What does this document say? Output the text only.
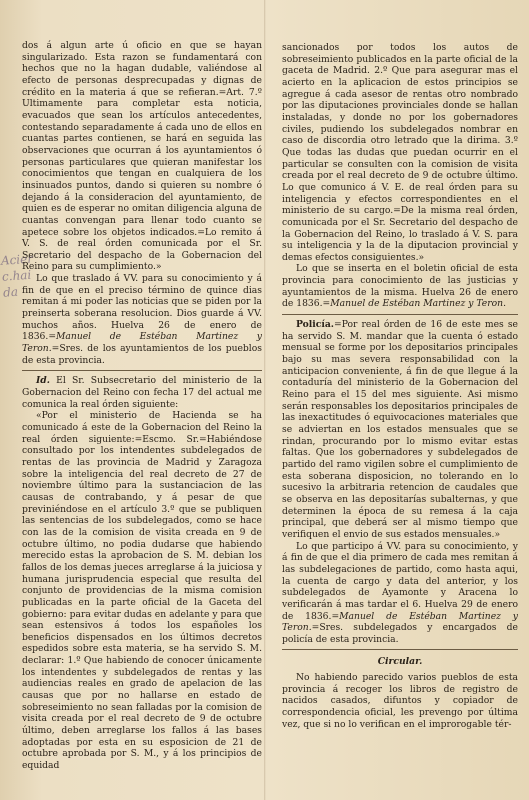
Acier c.hai da

dos á algun arte ú oficio en que se hayan singularizado. Esta razon se fundamentará con hechos que no la hagan dudable, valiéndose al efecto de personas desprecupadas y dignas de crédito en la materia á que se refieran.=Art. 7.º Ultimamente para completar esta noticia, evacuados que sean los artículos antecedentes, contestando separadamente á cada uno de ellos en cuantas partes contienen, se hará en seguida las observaciones que ocurran á los ayuntamientos ó personas particulares que quieran manifestar los conocimientos que tengan en cualquiera de los insinuados puntos, dando si quieren su nombre ó dejando á la consideracion del ayuntamiento, de quien es de esperar no omitan diligencia alguna de cuantas convengan para llenar todo cuanto se apetece sobre los objetos indicados.=Lo remito á V. S. de real órden comunicada por el Sr. Secretario del despacho de la Gobernacion del Reino para su cumplimiento.»

Lo que traslado á VV. para su conocimiento y á fin de que en el preciso término de quince dias remitan á mi poder las noticias que se piden por la preinserta soberana resolucion. Dios guarde á VV. muchos años. Huelva 26 de enero de 1836.=Manuel de Estéban Martinez y Teron.=Sres. de los ayuntamientos de los pueblos de esta provincia.

Id. El Sr. Subsecretario del ministerio de la Gobernacion del Reino con fecha 17 del actual me comunica la real órden siguiente:

«Por el ministerio de Hacienda se ha comunicado á este de la Gobernacion del Reino la real órden siguiente:=Escmo. Sr.=Habiéndose consultado por los intendentes subdelegados de rentas de las provincia de Madrid y Zaragoza sobre la inteligencia del real decreto de 27 de noviembre último para la sustanciacion de las causas de contrabando, y á pesar de que previniéndose en el artículo 3.º que se publiquen las sentencias de los subdelegados, como se hace con las de la comision de visita creada en 9 de octubre último, no podia dudarse que habiendo merecido estas la aprobacion de S. M. debian los fallos de los demas jueces arreglarse á la juiciosa y humana jurisprudencia especial que resulta del conjunto de providencias de la misma comision publicadas en la parte oficial de la Gaceta del gobierno: para evitar dudas en adelante y para que sean estensivos á todos los españoles los beneficios dispensados en los últimos decretos espedidos sobre esta materia, se ha servido S. M. declarar: 1.º Que habiendo de conocer únicamente los intendentes y subdelegados de rentas y las audiencias reales en grado de apelacion de las causas que por no hallarse en estado de sobreseimiento no sean falladas por la comision de visita creada por el real decreto de 9 de octubre último, deben arreglarse los fallos á las bases adoptadas por esta en su esposicion de 21 de octubre aprobada por S. M., y á los principios de equidad

sancionados por todos los autos de sobreseimiento publicados en la parte oficial de la gaceta de Madrid. 2.º Que para asegurar mas el acierto en la aplicacion de estos principios se agregue á cada asesor de rentas otro nombrado por las diputaciones provinciales donde se hallan instaladas, y donde no por los gobernadores civiles, pudiendo los subdelegados nombrar en caso de discordia otro letrado que la dirima. 3.º Que todas las dudas que puedan ocurrir en el particular se consulten con la comision de visita creada por el real decreto de 9 de octubre último. Lo que comunico á V. E. de real órden para su inteligencia y efectos correspondientes en el ministerio de su cargo.=De la misma real órden, comunicada por el Sr. Secretario del despacho de la Gobernacion del Reino, lo traslado á V. S. para su inteligencia y la de la diputacion provincial y demas efectos consiguientes.»

Lo que se inserta en el boletin oficial de esta provincia para conocimiento de las justicias y ayuntamientos de la misma. Huelva 26 de enero de 1836.=Manuel de Estéban Martinez y Teron.

Policía.=Por real órden de 16 de este mes se ha servido S. M. mandar que la cuenta ó estado mensual se forme por los depositarios principales bajo su mas severa responsabilidad con la anticipacion conveniente, á fin de que llegue á la contaduría del ministerio de la Gobernacion del Reino para el 15 del mes siguiente. Asi mismo serán responsables los depositarios principales de las inexactitudes ó equivocaciones materiales que se adviertan en los estados mensuales que se rindan, procurando por lo mismo evitar estas faltas. Que los gobernadores y subdelegados de partido del ramo vigilen sobre el cumplimiento de esta soberana disposicion, no tolerando en lo sucesivo la arbitraria retencion de caudales que se observa en las depositarías subalternas, y que determinen la época de su remesa á la caja principal, que deberá ser al mismo tiempo que verifiquen el envio de sus estados mensuales.»

Lo que participo á VV. para su conocimiento, y á fin de que el dia primero de cada mes remitan á las subdelegaciones de partido, como hasta aqui, la cuenta de cargo y data del anterior, y los subdelegados de Ayamonte y Aracena lo verificarán á mas tardar el 6. Huelva 29 de enero de 1836.=Manuel de Estéban Martinez y Teron.=Sres. subdelegados y encargados de policía de esta provincia.

Circular.

No habiendo parecido varios pueblos de esta provincia á recoger los libros de registro de nacidos casados, difuntos y copiador de correspondencia oficial, les prevengo por última vez, que si no lo verifican en el improrogable tér-
